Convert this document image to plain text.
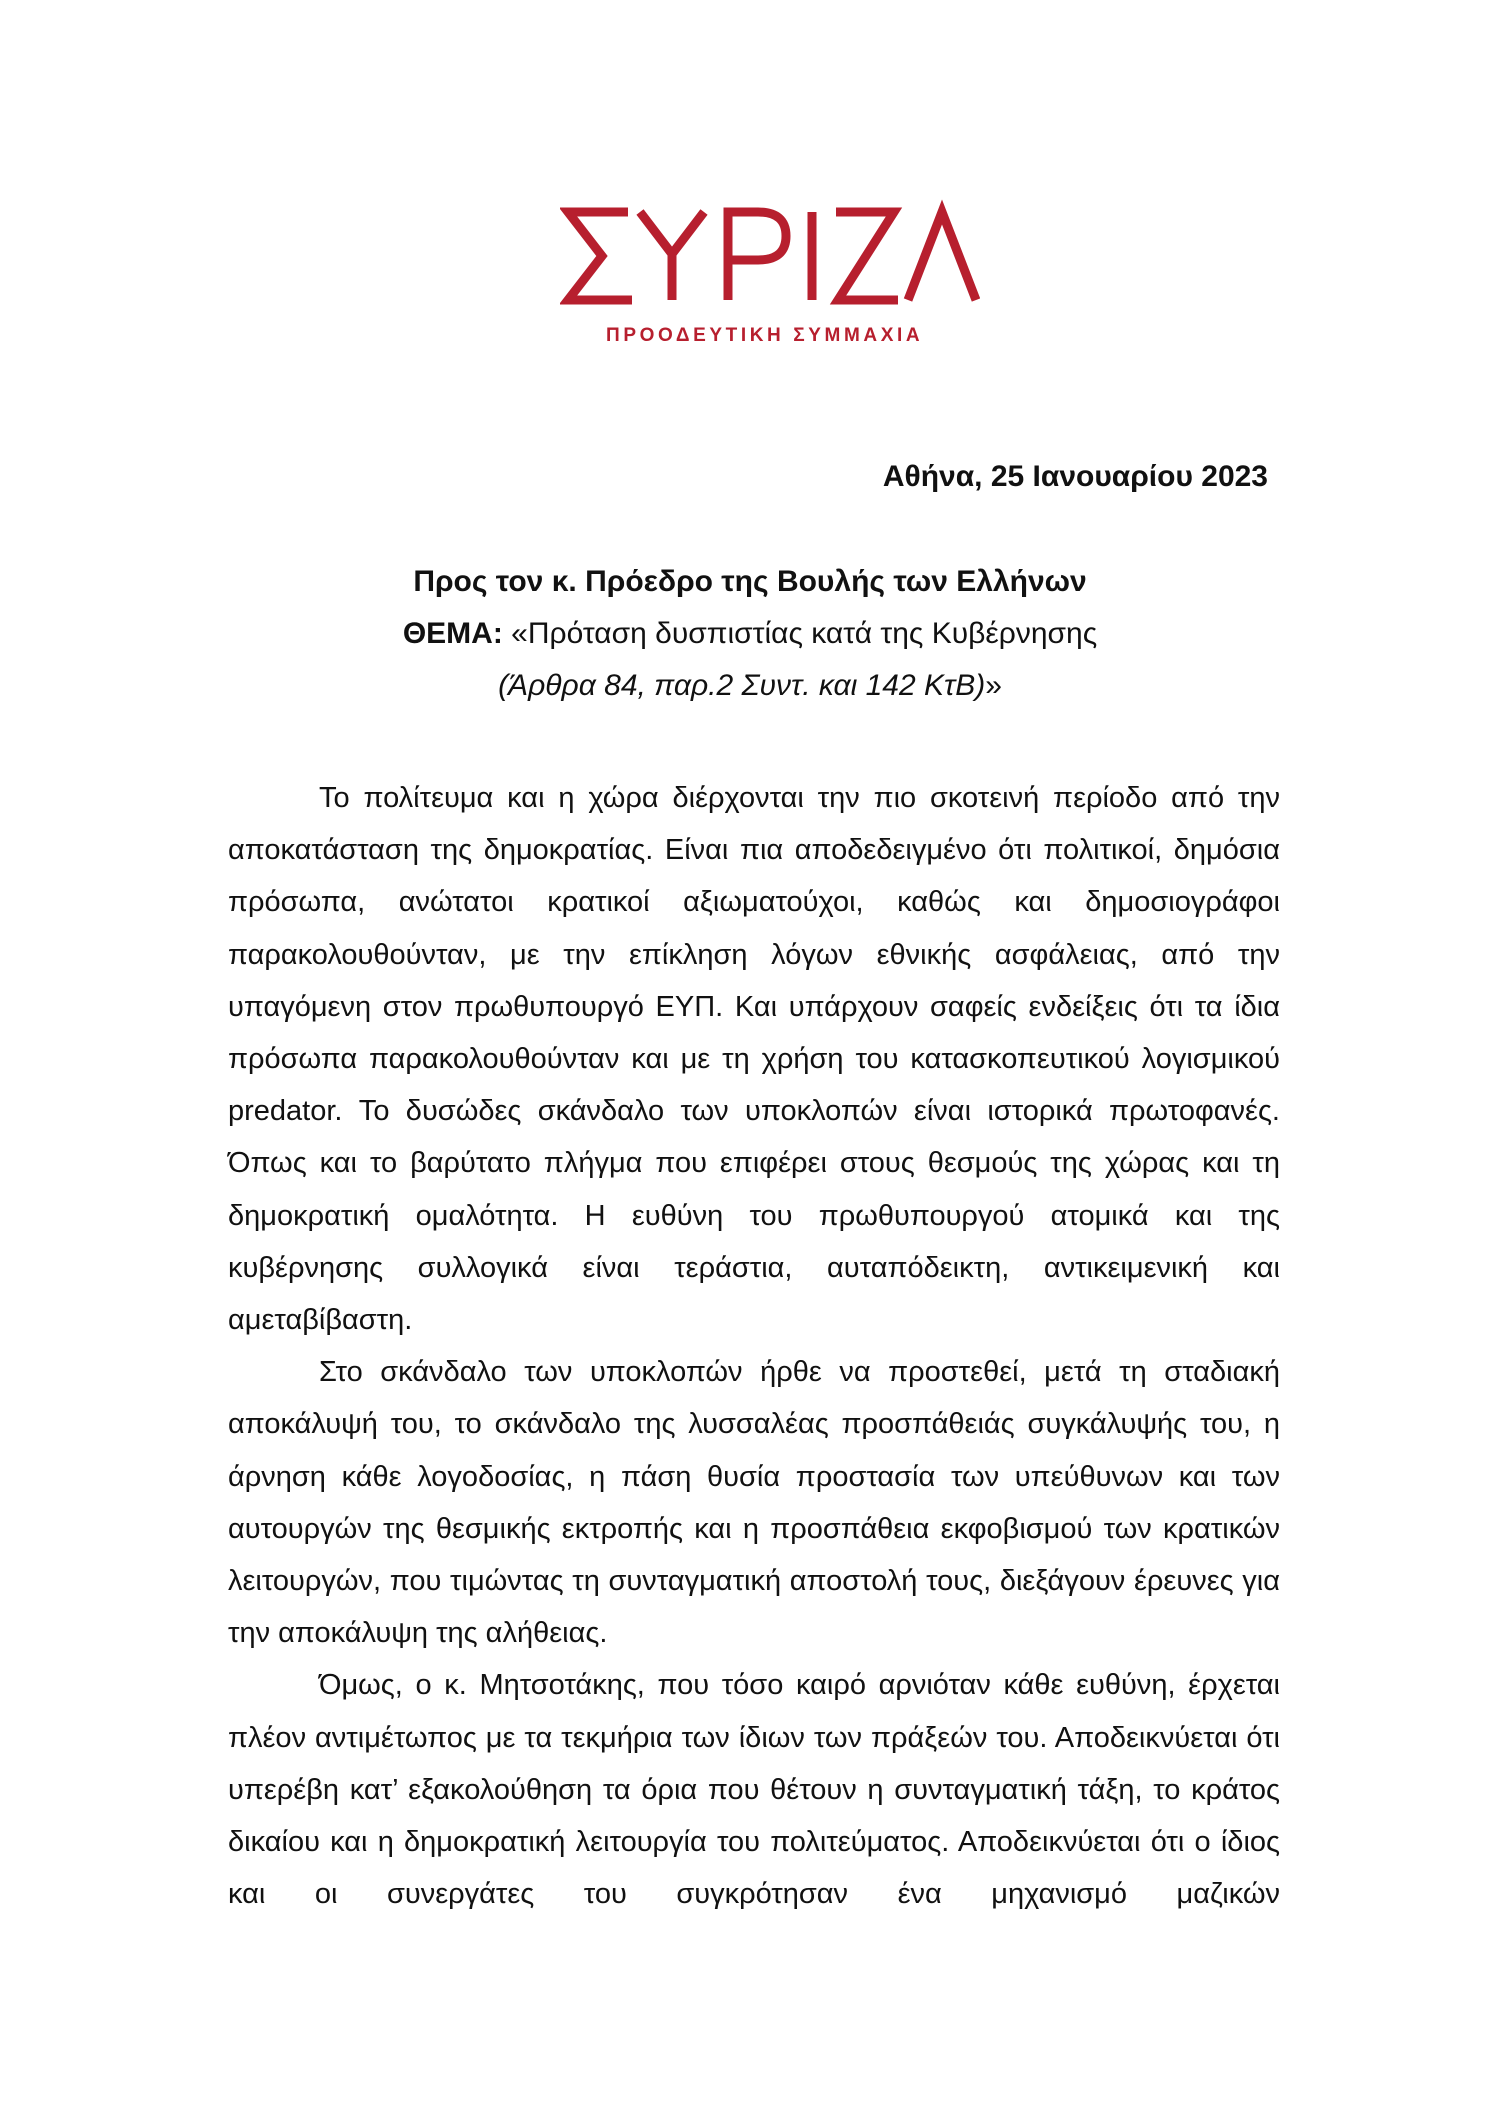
ΣΥΡΙΖΑ
ΠΡΟΟΔΕΥΤΙΚΗ ΣΥΜΜΑΧΙΑ
Αθήνα, 25 Ιανουαρίου 2023
Προς τον κ. Πρόεδρο της Βουλής των Ελλήνων
ΘΕΜΑ: «Πρόταση δυσπιστίας κατά της Κυβέρνησης
(Άρθρα 84, παρ.2 Συντ. και 142 ΚτΒ)»

Το πολίτευμα και η χώρα διέρχονται την πιο σκοτεινή περίοδο από την αποκατάσταση της δημοκρατίας. Είναι πια αποδεδειγμένο ότι πολιτικοί, δημόσια πρόσωπα, ανώτατοι κρατικοί αξιωματούχοι, καθώς και δημοσιογράφοι παρακολουθούνταν, με την επίκληση λόγων εθνικής ασφάλειας, από την υπαγόμενη στον πρωθυπουργό ΕΥΠ. Και υπάρχουν σαφείς ενδείξεις ότι τα ίδια πρόσωπα παρακολουθούνταν και με τη χρήση του κατασκοπευτικού λογισμικού predator. Το δυσώδες σκάνδαλο των υποκλοπών είναι ιστορικά πρωτοφανές. Όπως και το βαρύτατο πλήγμα που επιφέρει στους θεσμούς της χώρας και τη δημοκρατική ομαλότητα. Η ευθύνη του πρωθυπουργού ατομικά και της κυβέρνησης συλλογικά είναι τεράστια, αυταπόδεικτη, αντικειμενική και αμεταβίβαστη.

Στο σκάνδαλο των υποκλοπών ήρθε να προστεθεί, μετά τη σταδιακή αποκάλυψή του, το σκάνδαλο της λυσσαλέας προσπάθειάς συγκάλυψής του, η άρνηση κάθε λογοδοσίας, η πάση θυσία προστασία των υπεύθυνων και των αυτουργών της θεσμικής εκτροπής και η προσπάθεια εκφοβισμού των κρατικών λειτουργών, που τιμώντας τη συνταγματική αποστολή τους, διεξάγουν έρευνες για την αποκάλυψη της αλήθειας.

Όμως, ο κ. Μητσοτάκης, που τόσο καιρό αρνιόταν κάθε ευθύνη, έρχεται πλέον αντιμέτωπος με τα τεκμήρια των ίδιων των πράξεών του. Αποδεικνύεται ότι υπερέβη κατ’ εξακολούθηση τα όρια που θέτουν η συνταγματική τάξη, το κράτος δικαίου και η δημοκρατική λειτουργία του πολιτεύματος. Αποδεικνύεται ότι ο ίδιος και οι συνεργάτες του συγκρότησαν ένα μηχανισμό μαζικών
